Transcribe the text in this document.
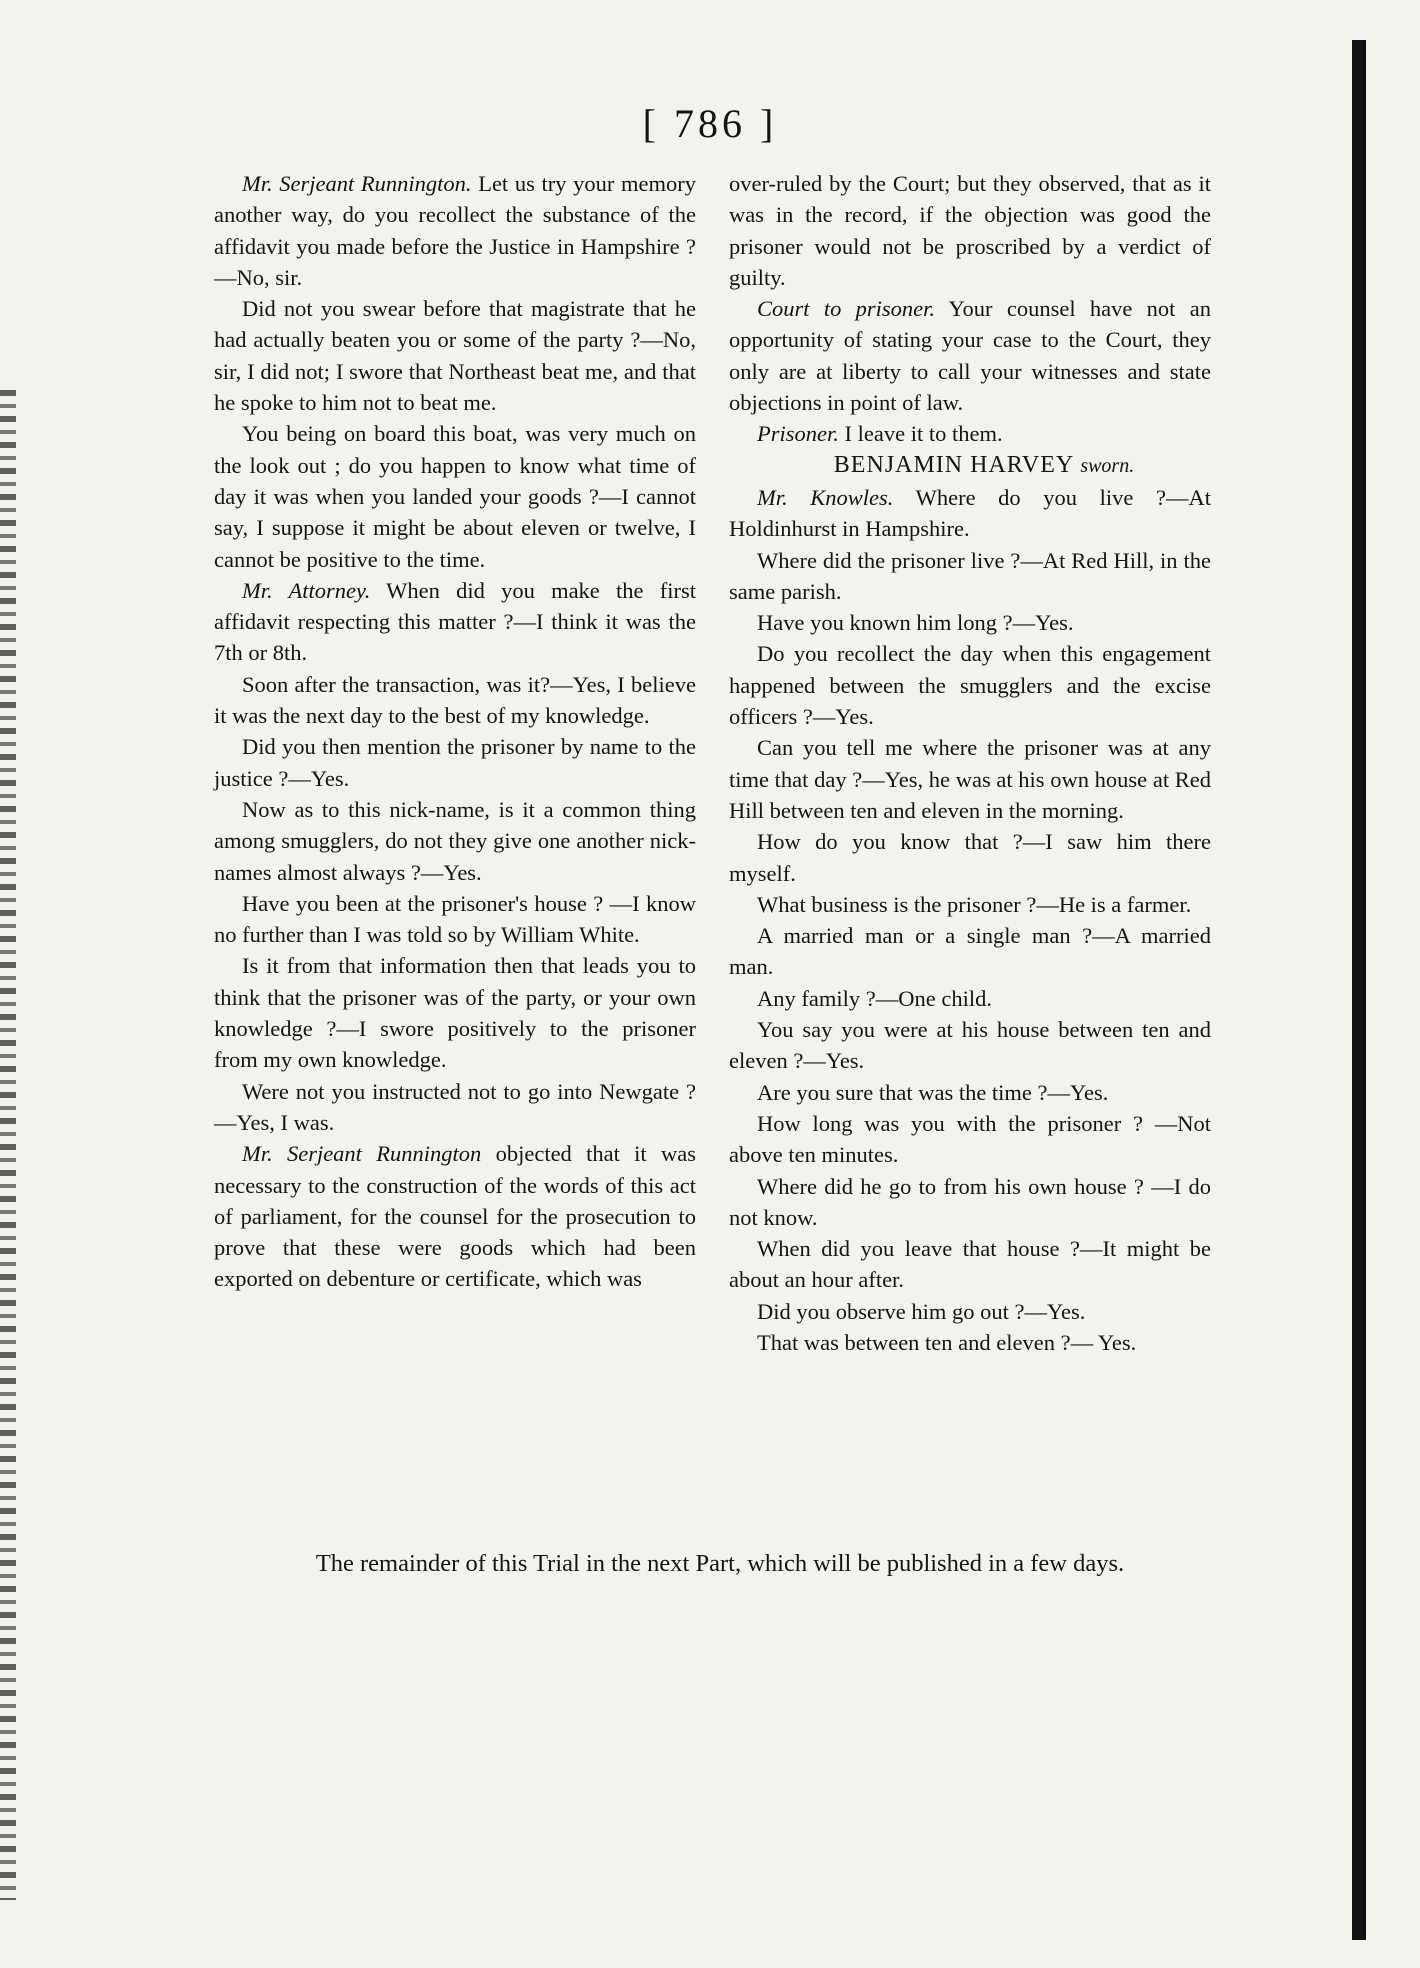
[ 786 ]

Mr. Serjeant Runnington. Let us try your memory another way, do you recollect the substance of the affidavit you made before the Justice in Hampshire ?—No, sir.

Did not you swear before that magistrate that he had actually beaten you or some of the party ?—No, sir, I did not; I swore that Northeast beat me, and that he spoke to him not to beat me.

You being on board this boat, was very much on the look out ; do you happen to know what time of day it was when you landed your goods ?—I cannot say, I suppose it might be about eleven or twelve, I cannot be positive to the time.

Mr. Attorney. When did you make the first affidavit respecting this matter ?—I think it was the 7th or 8th.

Soon after the transaction, was it?—Yes, I believe it was the next day to the best of my knowledge.

Did you then mention the prisoner by name to the justice ?—Yes.

Now as to this nick-name, is it a common thing among smugglers, do not they give one another nick-names almost always ?—Yes.

Have you been at the prisoner's house ? —I know no further than I was told so by William White.

Is it from that information then that leads you to think that the prisoner was of the party, or your own knowledge ?—I swore positively to the prisoner from my own knowledge.

Were not you instructed not to go into Newgate ?—Yes, I was.

Mr. Serjeant Runnington objected that it was necessary to the construction of the words of this act of parliament, for the counsel for the prosecution to prove that these were goods which had been exported on debenture or certificate, which was

over-ruled by the Court; but they observed, that as it was in the record, if the objection was good the prisoner would not be proscribed by a verdict of guilty.

Court to prisoner. Your counsel have not an opportunity of stating your case to the Court, they only are at liberty to call your witnesses and state objections in point of law.

Prisoner. I leave it to them.

BENJAMIN HARVEY sworn.

Mr. Knowles. Where do you live ?—At Holdinhurst in Hampshire.

Where did the prisoner live ?—At Red Hill, in the same parish.

Have you known him long ?—Yes.

Do you recollect the day when this engagement happened between the smugglers and the excise officers ?—Yes.

Can you tell me where the prisoner was at any time that day ?—Yes, he was at his own house at Red Hill between ten and eleven in the morning.

How do you know that ?—I saw him there myself.

What business is the prisoner ?—He is a farmer.

A married man or a single man ?—A married man.

Any family ?—One child.

You say you were at his house between ten and eleven ?—Yes.

Are you sure that was the time ?—Yes.

How long was you with the prisoner ? —Not above ten minutes.

Where did he go to from his own house ? —I do not know.

When did you leave that house ?—It might be about an hour after.

Did you observe him go out ?—Yes.

That was between ten and eleven ?— Yes.

The remainder of this Trial in the next Part, which will be published in a few days.
